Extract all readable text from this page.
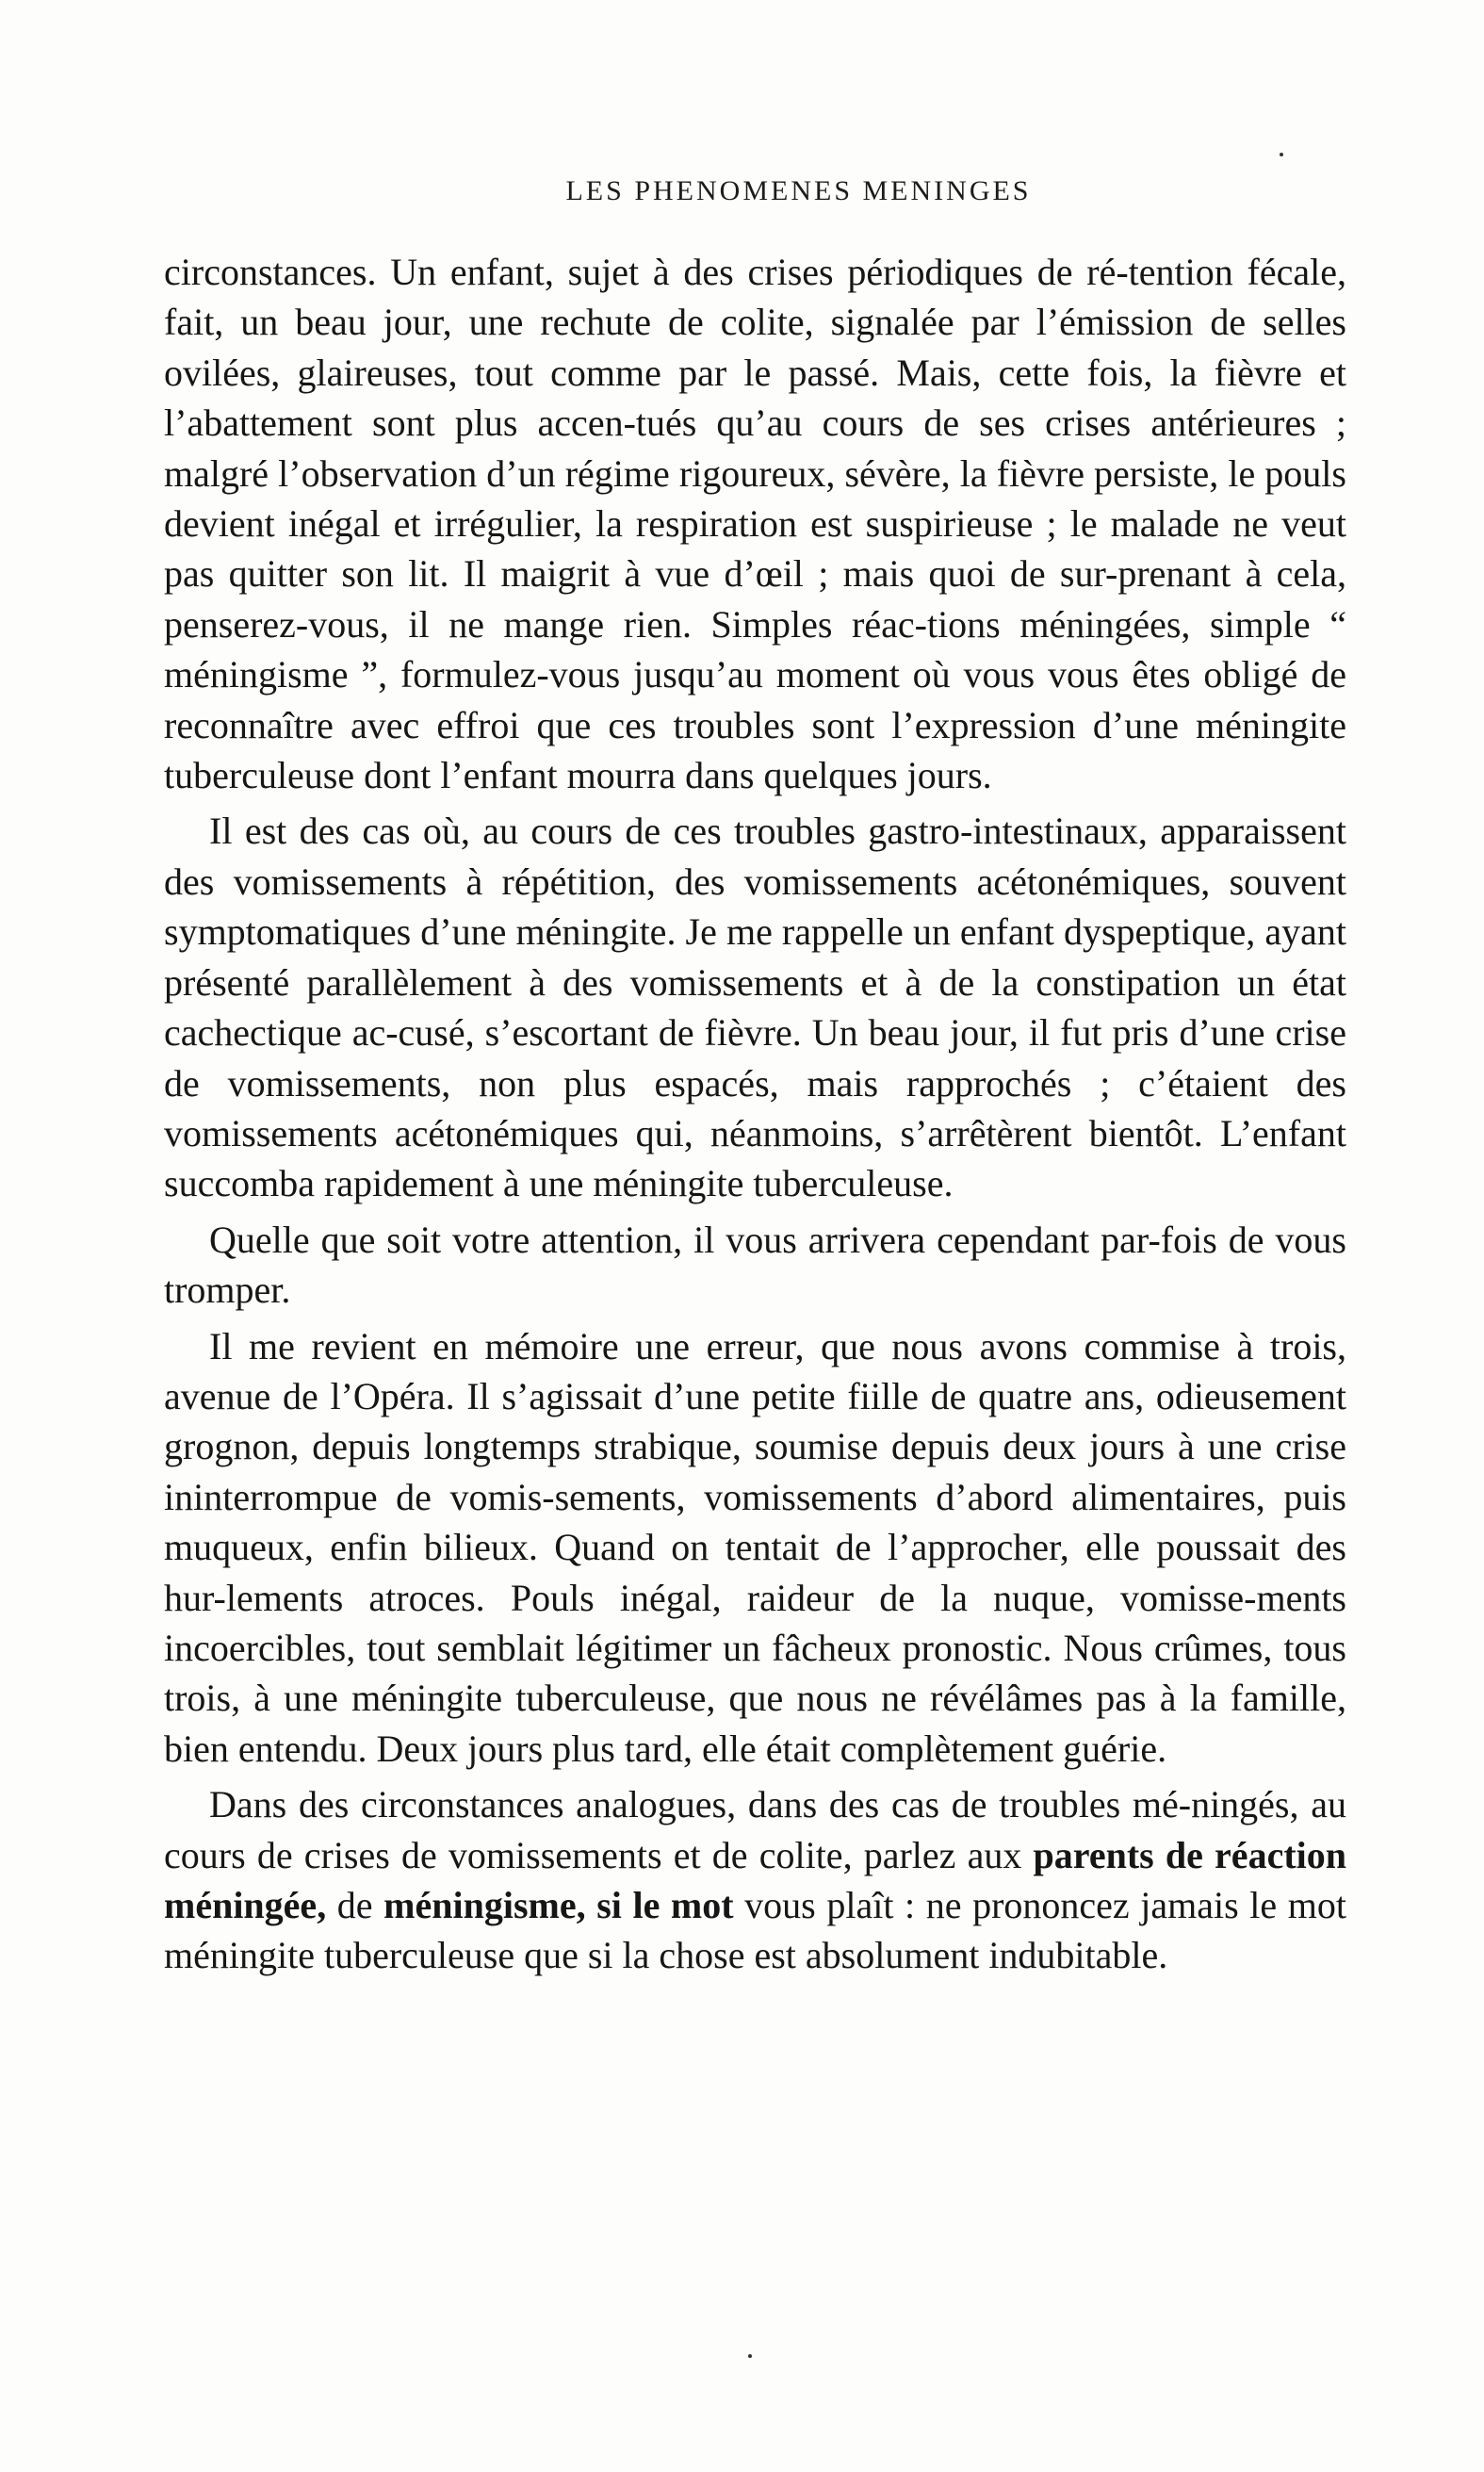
LES PHENOMENES MENINGES

circonstances. Un enfant, sujet à des crises périodiques de ré-tention fécale, fait, un beau jour, une rechute de colite, signalée par l’émission de selles ovilées, glaireuses, tout comme par le passé. Mais, cette fois, la fièvre et l’abattement sont plus accen-tués qu’au cours de ses crises antérieures ; malgré l’observation d’un régime rigoureux, sévère, la fièvre persiste, le pouls devient inégal et irrégulier, la respiration est suspirieuse ; le malade ne veut pas quitter son lit. Il maigrit à vue d’œil ; mais quoi de sur-prenant à cela, penserez-vous, il ne mange rien. Simples réac-tions méningées, simple “ méningisme ”, formulez-vous jusqu’au moment où vous vous êtes obligé de reconnaître avec effroi que ces troubles sont l’expression d’une méningite tuberculeuse dont l’enfant mourra dans quelques jours.

Il est des cas où, au cours de ces troubles gastro-intestinaux, apparaissent des vomissements à répétition, des vomissements acétonémiques, souvent symptomatiques d’une méningite. Je me rappelle un enfant dyspeptique, ayant présenté parallèlement à des vomissements et à de la constipation un état cachectique ac-cusé, s’escortant de fièvre. Un beau jour, il fut pris d’une crise de vomissements, non plus espacés, mais rapprochés ; c’étaient des vomissements acétonémiques qui, néanmoins, s’arrêtèrent bientôt. L’enfant succomba rapidement à une méningite tuberculeuse.

Quelle que soit votre attention, il vous arrivera cependant par-fois de vous tromper.

Il me revient en mémoire une erreur, que nous avons commise à trois, avenue de l’Opéra. Il s’agissait d’une petite fiille de quatre ans, odieusement grognon, depuis longtemps strabique, soumise depuis deux jours à une crise ininterrompue de vomis-sements, vomissements d’abord alimentaires, puis muqueux, enfin bilieux. Quand on tentait de l’approcher, elle poussait des hur-lements atroces. Pouls inégal, raideur de la nuque, vomisse-ments incoercibles, tout semblait légitimer un fâcheux pronostic. Nous crûmes, tous trois, à une méningite tuberculeuse, que nous ne révélâmes pas à la famille, bien entendu. Deux jours plus tard, elle était complètement guérie.

Dans des circonstances analogues, dans des cas de troubles mé-ningés, au cours de crises de vomissements et de colite, parlez aux parents de réaction méningée, de méningisme, si le mot vous plaît : ne prononcez jamais le mot méningite tuberculeuse que si la chose est absolument indubitable.
